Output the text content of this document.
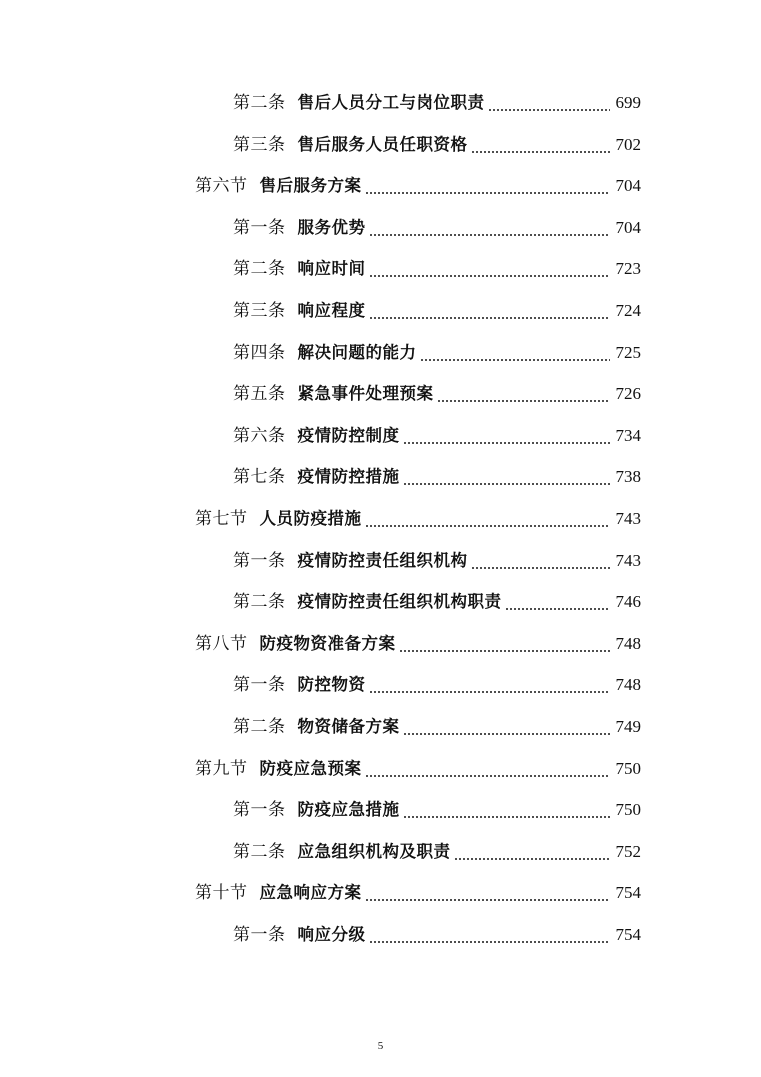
第二条 售后人员分工与岗位职责	699
第三条 售后服务人员任职资格	702
第六节 售后服务方案	704
第一条 服务优势	704
第二条 响应时间	723
第三条 响应程度	724
第四条 解决问题的能力	725
第五条 紧急事件处理预案	726
第六条 疫情防控制度	734
第七条 疫情防控措施	738
第七节 人员防疫措施	743
第一条 疫情防控责任组织机构	743
第二条 疫情防控责任组织机构职责	746
第八节 防疫物资准备方案	748
第一条 防控物资	748
第二条 物资储备方案	749
第九节 防疫应急预案	750
第一条 防疫应急措施	750
第二条 应急组织机构及职责	752
第十节 应急响应方案	754
第一条 响应分级	754
5
